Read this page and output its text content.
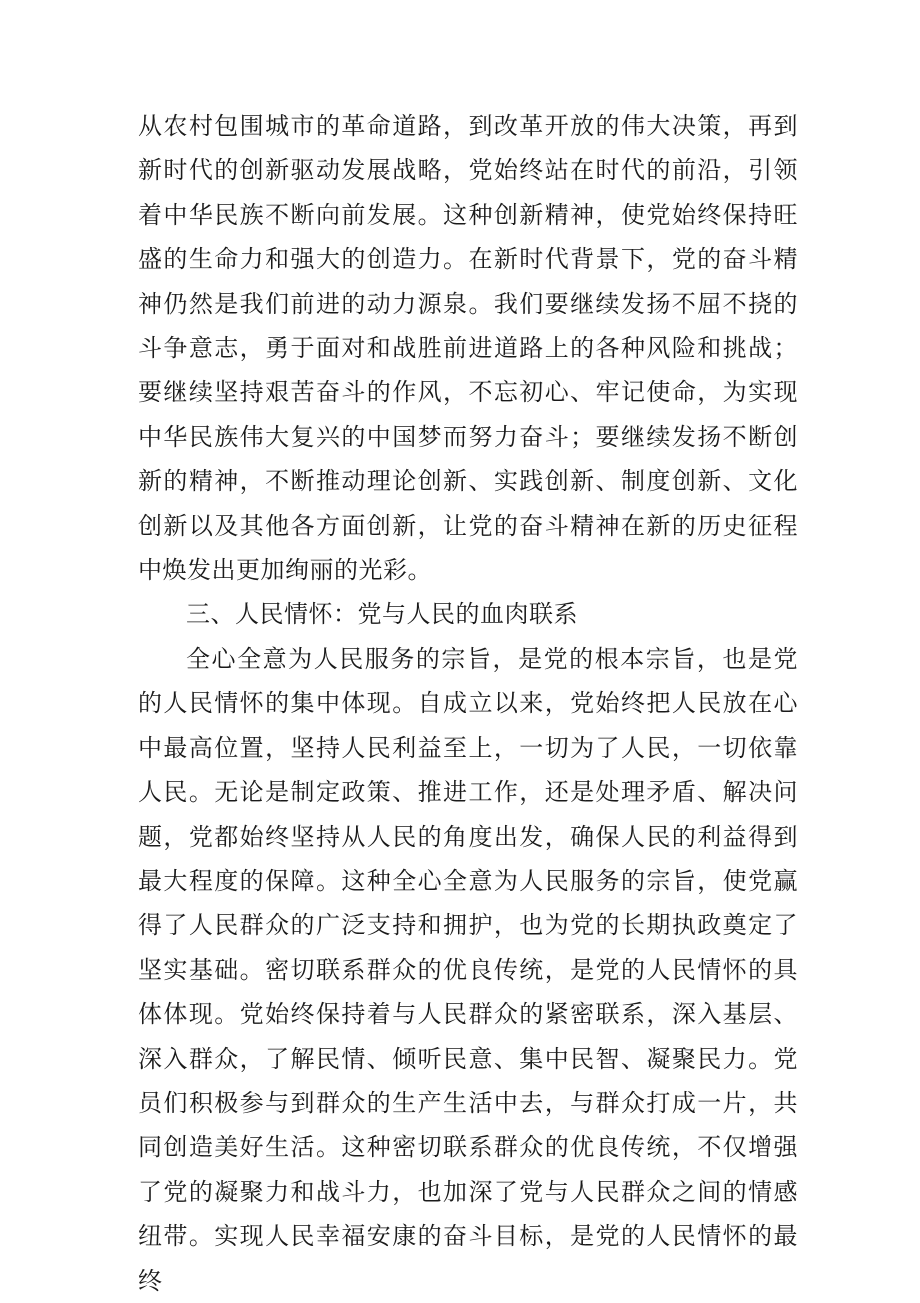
从农村包围城市的革命道路，到改革开放的伟大决策，再到新时代的创新驱动发展战略，党始终站在时代的前沿，引领着中华民族不断向前发展。这种创新精神，使党始终保持旺盛的生命力和强大的创造力。在新时代背景下，党的奋斗精神仍然是我们前进的动力源泉。我们要继续发扬不屈不挠的斗争意志，勇于面对和战胜前进道路上的各种风险和挑战；要继续坚持艰苦奋斗的作风，不忘初心、牢记使命，为实现中华民族伟大复兴的中国梦而努力奋斗；要继续发扬不断创新的精神，不断推动理论创新、实践创新、制度创新、文化创新以及其他各方面创新，让党的奋斗精神在新的历史征程中焕发出更加绚丽的光彩。

三、人民情怀：党与人民的血肉联系

全心全意为人民服务的宗旨，是党的根本宗旨，也是党的人民情怀的集中体现。自成立以来，党始终把人民放在心中最高位置，坚持人民利益至上，一切为了人民，一切依靠人民。无论是制定政策、推进工作，还是处理矛盾、解决问题，党都始终坚持从人民的角度出发，确保人民的利益得到最大程度的保障。这种全心全意为人民服务的宗旨，使党赢得了人民群众的广泛支持和拥护，也为党的长期执政奠定了坚实基础。密切联系群众的优良传统，是党的人民情怀的具体体现。党始终保持着与人民群众的紧密联系，深入基层、深入群众，了解民情、倾听民意、集中民智、凝聚民力。党员们积极参与到群众的生产生活中去，与群众打成一片，共同创造美好生活。这种密切联系群众的优良传统，不仅增强了党的凝聚力和战斗力，也加深了党与人民群众之间的情感纽带。实现人民幸福安康的奋斗目标，是党的人民情怀的最终
